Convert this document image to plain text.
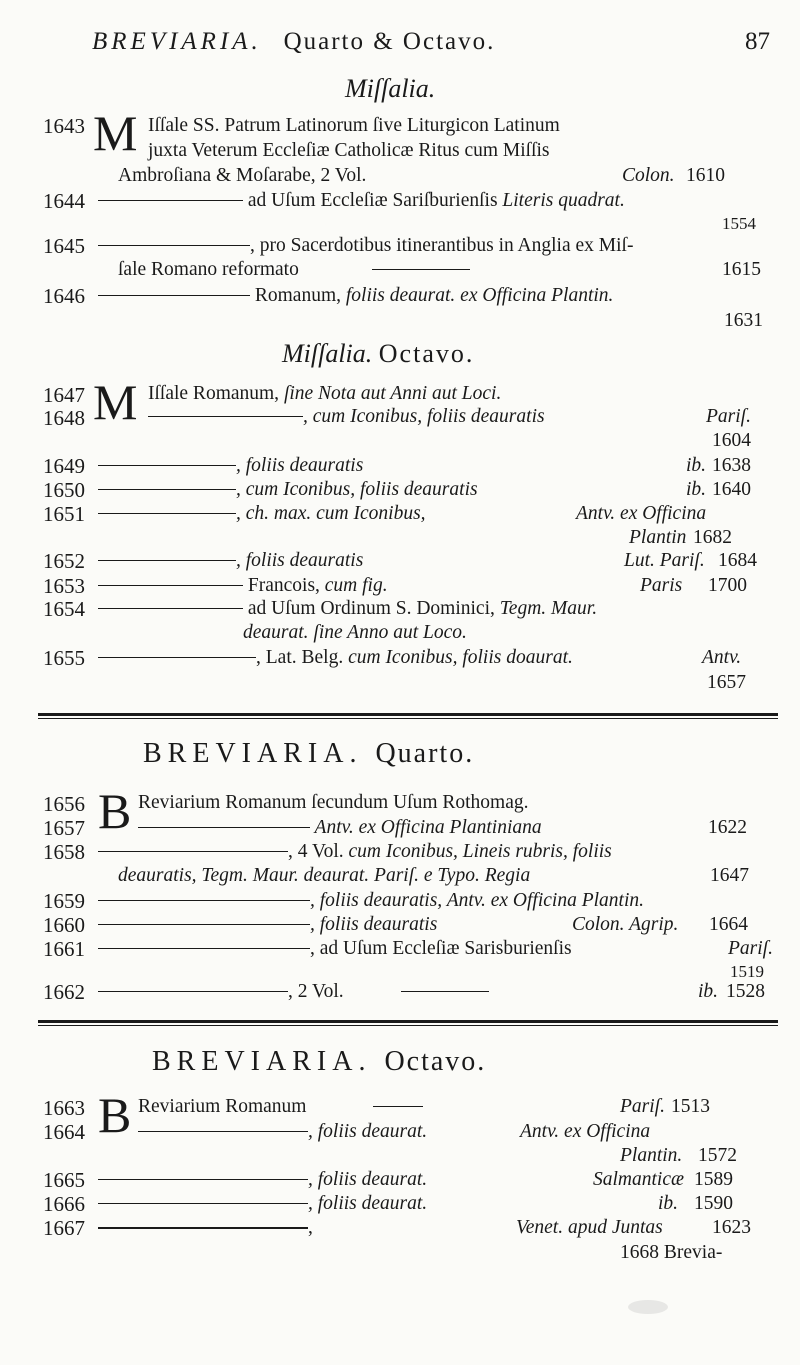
BREVIARIA. Quarto & Octavo.	87
Miſſalia.
1643 M Iſſale SS. Patrum Latinorum ſive Liturgicon Latinum
juxta Veterum Eccleſiæ Catholicæ Ritus cum Miſſis
Ambroſiana & Moſarabe, 2 Vol.	Colon. 1610
1644	ad Uſum Eccleſiæ Sariſburienſis Literis quadrat.
1554
1645	, pro Sacerdotibus itinerantibus in Anglia ex Miſ-
ſale Romano reformato	1615
1646	Romanum, foliis deaurat. ex Officina Plantin.
1631
Miſſalia. Octavo.
1647 M Iſſale Romanum, ſine Nota aut Anni aut Loci.
1648	, cum Iconibus, foliis deauratis	Pariſ.
1604
1649	, foliis deauratis	ib. 1638
1650	, cum Iconibus, foliis deauratis	ib. 1640
1651	, ch. max. cum Iconibus,	Antv. ex Officina
Plantin 1682
1652	, foliis deauratis	Lut. Pariſ. 1684
1653	Francois, cum fig.	Paris 1700
1654	ad Uſum Ordinum S. Dominici, Tegm. Maur.
deaurat. ſine Anno aut Loco.
1655	, Lat. Belg. cum Iconibus, foliis doaurat.	Antv.
1657
BREVIARIA. Quarto.
1656 B Reviarium Romanum ſecundum Uſum Rothomag.
1657	Antv. ex Officina Plantiniana	1622
1658	, 4 Vol. cum Iconibus, Lineis rubris, foliis
deauratis, Tegm. Maur. deaurat. Pariſ. e Typo. Regia	1647
1659	, foliis deauratis, Antv. ex Officina Plantin.
1660	, foliis deauratis	Colon. Agrip. 1664
1661	, ad Uſum Eccleſiæ Sarisburienſis	Pariſ.
1519
1662	, 2 Vol.	ib. 1528
BREVIARIA. Octavo.
1663 B Reviarium Romanum	Pariſ. 1513
1664	, foliis deaurat.	Antv. ex Officina
Plantin. 1572
1665	, foliis deaurat.	Salmanticæ 1589
1666	, foliis deaurat.	ib. 1590
1667	,	Venet. apud Juntas	1623
1668 Brevia-
